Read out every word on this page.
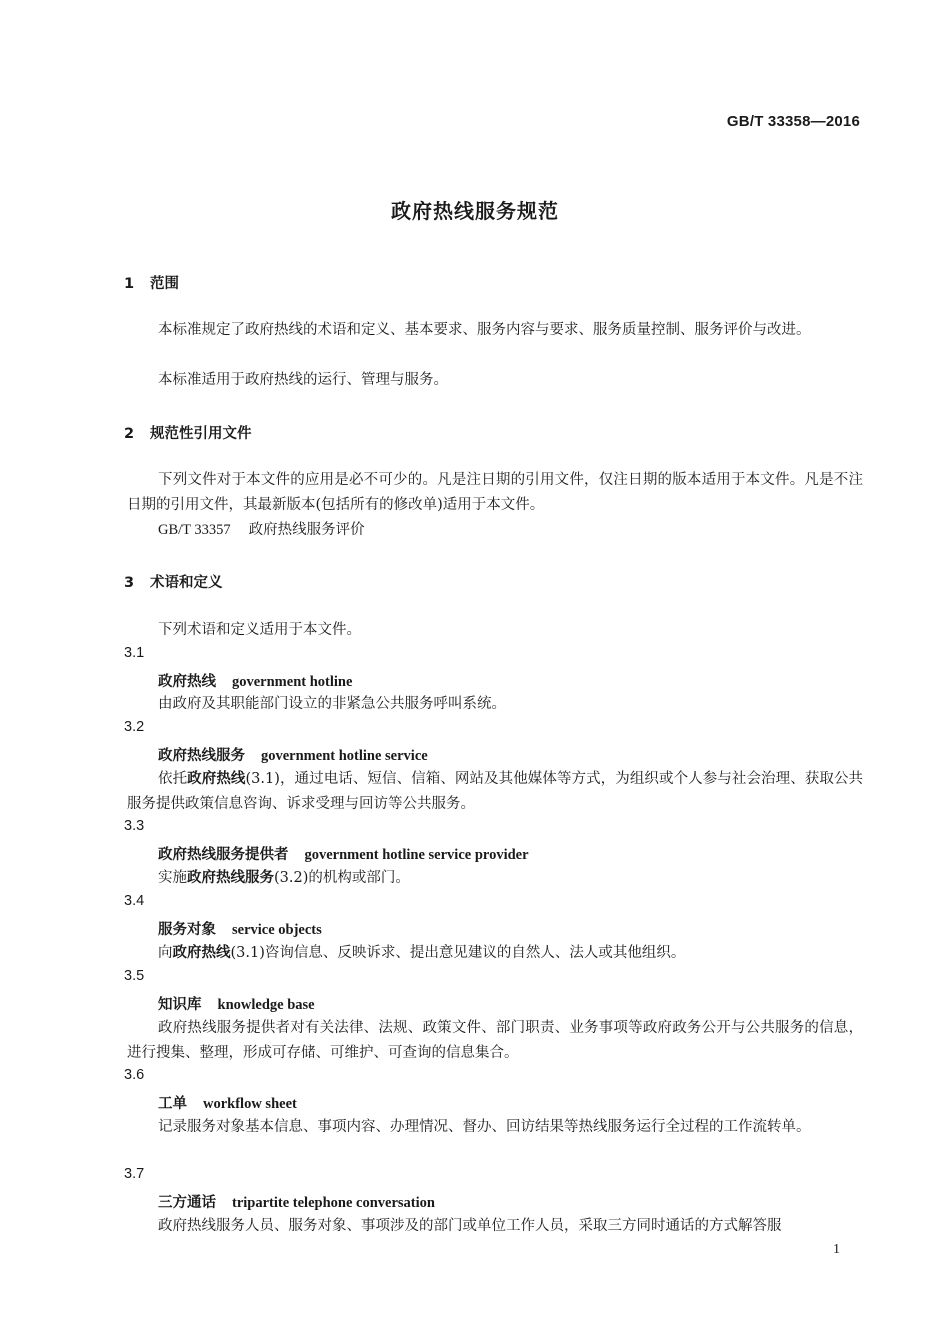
GB/T 33358—2016
政府热线服务规范
1 范围
本标准规定了政府热线的术语和定义、基本要求、服务内容与要求、服务质量控制、服务评价与改进。
本标准适用于政府热线的运行、管理与服务。
2 规范性引用文件
下列文件对于本文件的应用是必不可少的。凡是注日期的引用文件，仅注日期的版本适用于本文件。凡是不注日期的引用文件，其最新版本(包括所有的修改单)适用于本文件。
GB/T 33357 政府热线服务评价
3 术语和定义
下列术语和定义适用于本文件。
3.1
政府热线 government hotline
由政府及其职能部门设立的非紧急公共服务呼叫系统。
3.2
政府热线服务 government hotline service
依托政府热线(3.1)，通过电话、短信、信箱、网站及其他媒体等方式，为组织或个人参与社会治理、获取公共服务提供政策信息咨询、诉求受理与回访等公共服务。
3.3
政府热线服务提供者 government hotline service provider
实施政府热线服务(3.2)的机构或部门。
3.4
服务对象 service objects
向政府热线(3.1)咨询信息、反映诉求、提出意见建议的自然人、法人或其他组织。
3.5
知识库 knowledge base
政府热线服务提供者对有关法律、法规、政策文件、部门职责、业务事项等政府政务公开与公共服务的信息，进行搜集、整理，形成可存储、可维护、可查询的信息集合。
3.6
工单 workflow sheet
记录服务对象基本信息、事项内容、办理情况、督办、回访结果等热线服务运行全过程的工作流转单。
3.7
三方通话 tripartite telephone conversation
政府热线服务人员、服务对象、事项涉及的部门或单位工作人员，采取三方同时通话的方式解答服
1
